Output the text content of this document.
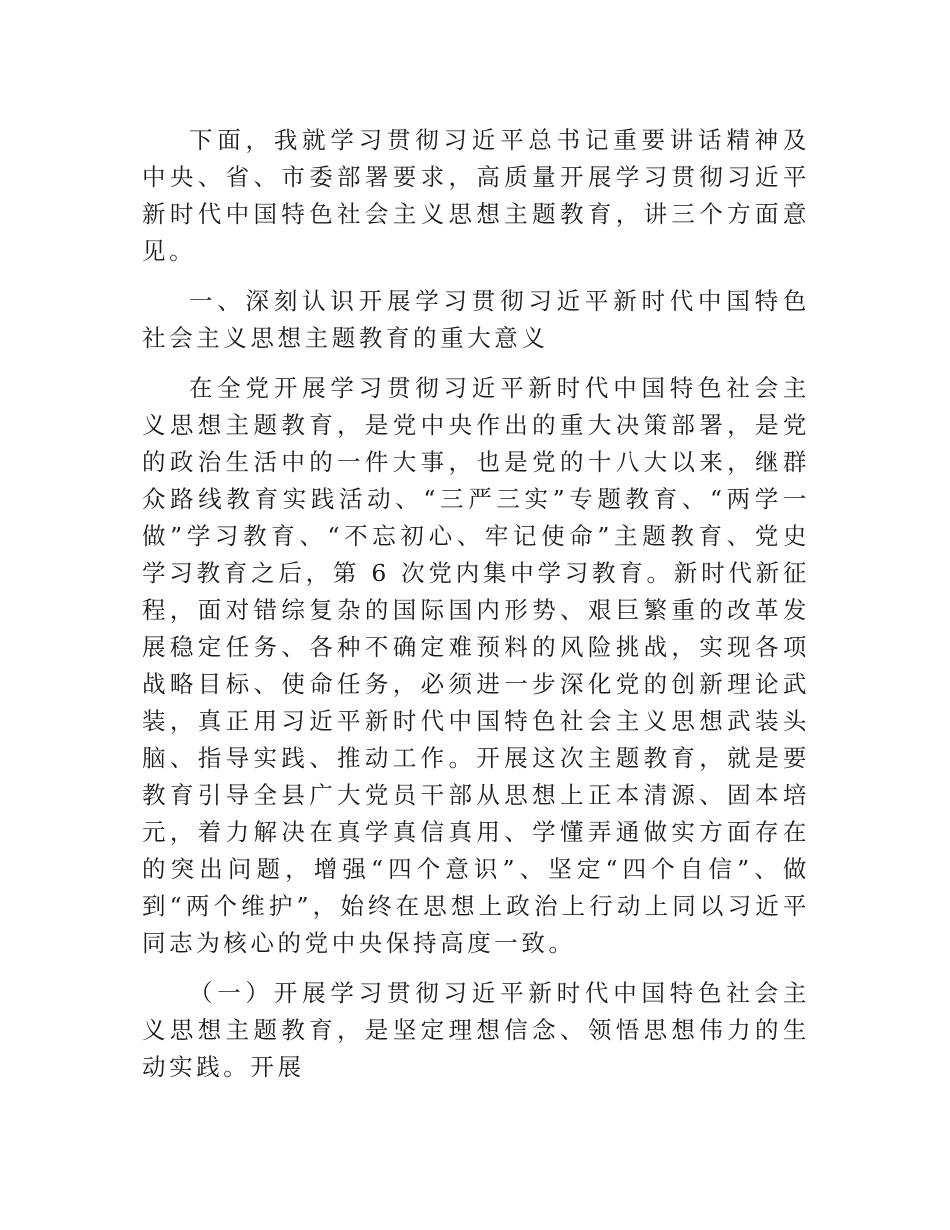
下面，我就学习贯彻习近平总书记重要讲话精神及中央、省、市委部署要求，高质量开展学习贯彻习近平新时代中国特色社会主义思想主题教育，讲三个方面意见。

一、深刻认识开展学习贯彻习近平新时代中国特色社会主义思想主题教育的重大意义

在全党开展学习贯彻习近平新时代中国特色社会主义思想主题教育，是党中央作出的重大决策部署，是党的政治生活中的一件大事，也是党的十八大以来，继群众路线教育实践活动、“三严三实”专题教育、“两学一做”学习教育、“不忘初心、牢记使命”主题教育、党史学习教育之后，第 6 次党内集中学习教育。新时代新征程，面对错综复杂的国际国内形势、艰巨繁重的改革发展稳定任务、各种不确定难预料的风险挑战，实现各项战略目标、使命任务，必须进一步深化党的创新理论武装，真正用习近平新时代中国特色社会主义思想武装头脑、指导实践、推动工作。开展这次主题教育，就是要教育引导全县广大党员干部从思想上正本清源、固本培元，着力解决在真学真信真用、学懂弄通做实方面存在的突出问题，增强“四个意识”、坚定“四个自信”、做到“两个维护”，始终在思想上政治上行动上同以习近平同志为核心的党中央保持高度一致。

（一）开展学习贯彻习近平新时代中国特色社会主义思想主题教育，是坚定理想信念、领悟思想伟力的生动实践。开展
